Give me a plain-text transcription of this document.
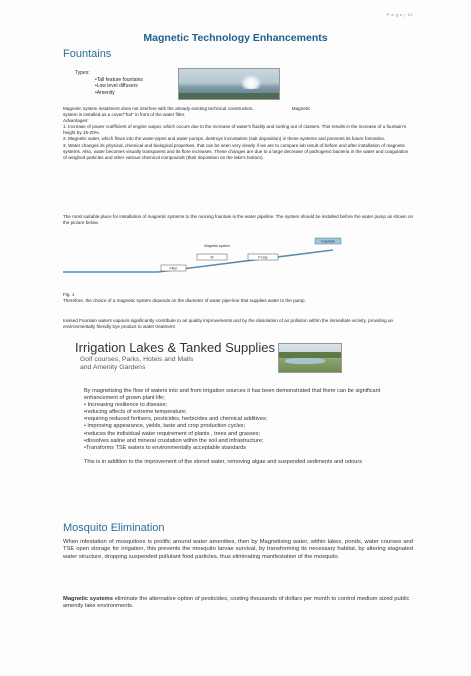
P a g e | 10
Magnetic Technology Enhancements
Fountains
Types:
•Tall feature fountains
•Low level diffusers
•Amenity

Magnetic system instalment does not interfere with the already existing technical construction.	Magnetic

system is installed as a cover/"hat" in front of the water filter.

Advantages:

1. Increase of power coefficient of engine output, which occurs due to the increase of water's fluidity and sorting out of clusters. This results in the increase of a fountain's height by 15-20%.

2. Magnetic water, which flows into the water-pipes and water pumps, destroys incrustation (salt deposition) in these systems and prevents its future formation.

3. Water changes its physical, chemical and biological properties, that can be seen very clearly if we are to compare lab result of before and after installation of magnetic systems. Also, water becomes visually transparent and its flore increases. These changes are due to a large decrease of pathogenic bacteria in the water and coagulation of weighed particles and other various chemical compounds (their deposition on the lake's bottom).

The most suitable place for installation of magnetic systems to the running fountain is the water pipeline. The system should be installed before the water pump as shown on the picture below.
Filter
Magnetic system
M	Pump
Fountain

Fig. 1

Therefore, the choice of a magnetic system depends on the diameter of water pipe-line that supplies water to the pump.

Ionised Fountain waters vapours significantly contribute to air quality improvements and by the dissolution of air pollution within the immediate vicinity, providing an environmentally friendly bye product to water treatment
Irrigation Lakes & Tanked Supplies
Golf courses, Parks, Hotels and Malls
and Amenity Gardens

By magnetising the flow of waters into and from irrigation sources it has been demonstrated that there can be significant enhancement of grown plant life;

• Increasing resilience to disease;

•reducing affects of extreme temperature;

•requiring reduced fertisers, pesticides, herbicides and chemical additives;

• improving appearance, yields, taste and crop production cycles;

•reduces the individual water requirement of plants , trees and grasses;

•dissolves saline and mineral crustation within the soil and infrastructure;

•Transforms TSE waters to environmentally acceptable standards

This is in addition to the improvement of the stored water, removing algae and suspended sediments and odours

Mosquito Elimination

When infestation of mosquitoes is prolific around water amenities, then by Magnetising water, within lakes, ponds, water courses and TSE open storage for irrigation, this prevents the mosquito larvae survival, by transforming its necessary habitat, by altering stagnated water structure, dropping suspended pollutant food particles, thus eliminating manifestation of the mosquito.

Magnetic systems eliminate the alternative option of pesticides, costing thousands of dollars per month to control medium sized public amenity lake environments.
